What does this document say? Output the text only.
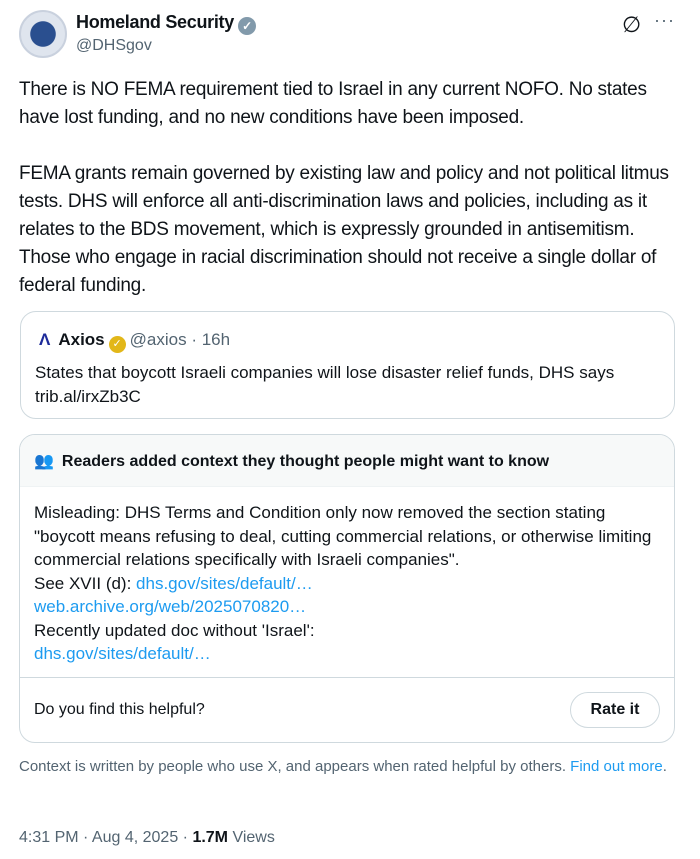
Homeland Security ✓
@DHSgov
∅ ···

There is NO FEMA requirement tied to Israel in any current NOFO. No states have lost funding, and no new conditions have been imposed.

FEMA grants remain governed by existing law and policy and not political litmus tests. DHS will enforce all anti-discrimination laws and policies, including as it relates to the BDS movement, which is expressly grounded in antisemitism. Those who engage in racial discrimination should not receive a single dollar of federal funding.

Λ Axios ✓ @axios · 16h
States that boycott Israeli companies will lose disaster relief funds, DHS says
trib.al/irxZb3C
👥 Readers added context they thought people might want to know
Misleading: DHS Terms and Condition only now removed the section stating "boycott means refusing to deal, cutting commercial relations, or otherwise limiting commercial relations specifically with Israeli companies".
See XVII (d): dhs.gov/sites/default/…
web.archive.org/web/2025070820…
Recently updated doc without 'Israel':
dhs.gov/sites/default/…
Do you find this helpful?	Rate it
Context is written by people who use X, and appears when rated helpful by others. Find out more.
4:31 PM · Aug 4, 2025 · 1.7M Views
